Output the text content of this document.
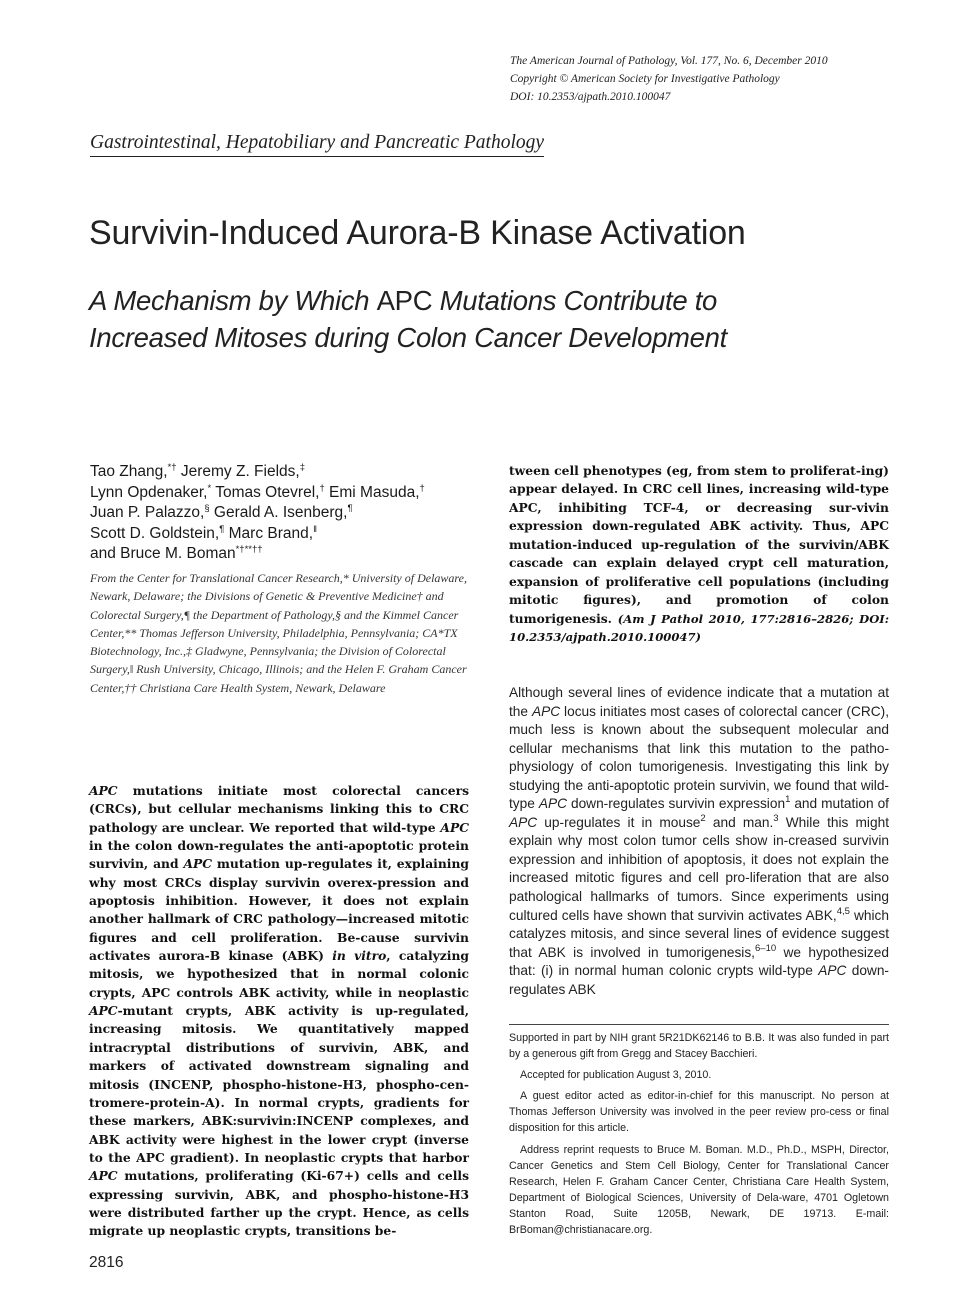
The American Journal of Pathology, Vol. 177, No. 6, December 2010
Copyright © American Society for Investigative Pathology
DOI: 10.2353/ajpath.2010.100047
Gastrointestinal, Hepatobiliary and Pancreatic Pathology
Survivin-Induced Aurora-B Kinase Activation
A Mechanism by Which APC Mutations Contribute to
Increased Mitoses during Colon Cancer Development
Tao Zhang,*† Jeremy Z. Fields,‡
Lynn Opdenaker,* Tomas Otevrel,† Emi Masuda,†
Juan P. Palazzo,§ Gerald A. Isenberg,¶
Scott D. Goldstein,¶ Marc Brand,‖
and Bruce M. Boman*†**††
From the Center for Translational Cancer Research,* University of Delaware, Newark, Delaware; the Divisions of Genetic & Preventive Medicine† and Colorectal Surgery,¶ the Department of Pathology,§ and the Kimmel Cancer Center,** Thomas Jefferson University, Philadelphia, Pennsylvania; CA*TX Biotechnology, Inc.,‡ Gladwyne, Pennsylvania; the Division of Colorectal Surgery,‖ Rush University, Chicago, Illinois; and the Helen F. Graham Cancer Center,†† Christiana Care Health System, Newark, Delaware
APC mutations initiate most colorectal cancers (CRCs), but cellular mechanisms linking this to CRC pathology are unclear. We reported that wild-type APC in the colon down-regulates the anti-apoptotic protein survivin, and APC mutation up-regulates it, explaining why most CRCs display survivin overex-pression and apoptosis inhibition. However, it does not explain another hallmark of CRC pathology—increased mitotic figures and cell proliferation. Be-cause survivin activates aurora-B kinase (ABK) in vitro, catalyzing mitosis, we hypothesized that in normal colonic crypts, APC controls ABK activity, while in neoplastic APC-mutant crypts, ABK activity is up-regulated, increasing mitosis. We quantitatively mapped intracryptal distributions of survivin, ABK, and markers of activated downstream signaling and mitosis (INCENP, phospho-histone-H3, phospho-cen-tromere-protein-A). In normal crypts, gradients for these markers, ABK:survivin:INCENP complexes, and ABK activity were highest in the lower crypt (inverse to the APC gradient). In neoplastic crypts that harbor APC mutations, proliferating (Ki-67+) cells and cells expressing survivin, ABK, and phospho-histone-H3 were distributed farther up the crypt. Hence, as cells migrate up neoplastic crypts, transitions be-
tween cell phenotypes (eg, from stem to proliferat-ing) appear delayed. In CRC cell lines, increasing wild-type APC, inhibiting TCF-4, or decreasing sur-vivin expression down-regulated ABK activity. Thus, APC mutation-induced up-regulation of the survivin/ABK cascade can explain delayed crypt cell maturation, expansion of proliferative cell populations (including mitotic figures), and promotion of colon tumorigenesis. (Am J Pathol 2010, 177:2816–2826; DOI: 10.2353/ajpath.2010.100047)
Although several lines of evidence indicate that a mutation at the APC locus initiates most cases of colorectal cancer (CRC), much less is known about the subsequent molecular and cellular mechanisms that link this mutation to the patho-physiology of colon tumorigenesis. Investigating this link by studying the anti-apoptotic protein survivin, we found that wild-type APC down-regulates survivin expression$^1$ and mutation of APC up-regulates it in mouse$^2$ and man.$^3$ While this might explain why most colon tumor cells show in-creased survivin expression and inhibition of apoptosis, it does not explain the increased mitotic figures and cell pro-liferation that are also pathological hallmarks of tumors. Since experiments using cultured cells have shown that survivin activates ABK,$^{4,5}$ which catalyzes mitosis, and since several lines of evidence suggest that ABK is involved in tumorigenesis,$^{6-10}$ we hypothesized that: (i) in normal human colonic crypts wild-type APC down-regulates ABK

Supported in part by NIH grant 5R21DK62146 to B.B. It was also funded in part by a generous gift from Gregg and Stacey Bacchieri.

Accepted for publication August 3, 2010.

A guest editor acted as editor-in-chief for this manuscript. No person at Thomas Jefferson University was involved in the peer review pro-cess or final disposition for this article.

Address reprint requests to Bruce M. Boman. M.D., Ph.D., MSPH, Director, Cancer Genetics and Stem Cell Biology, Center for Translational Cancer Research, Helen F. Graham Cancer Center, Christiana Care Health System, Department of Biological Sciences, University of Dela-ware, 4701 Ogletown Stanton Road, Suite 1205B, Newark, DE 19713. E-mail: BrBoman@christianacare.org.

2816
